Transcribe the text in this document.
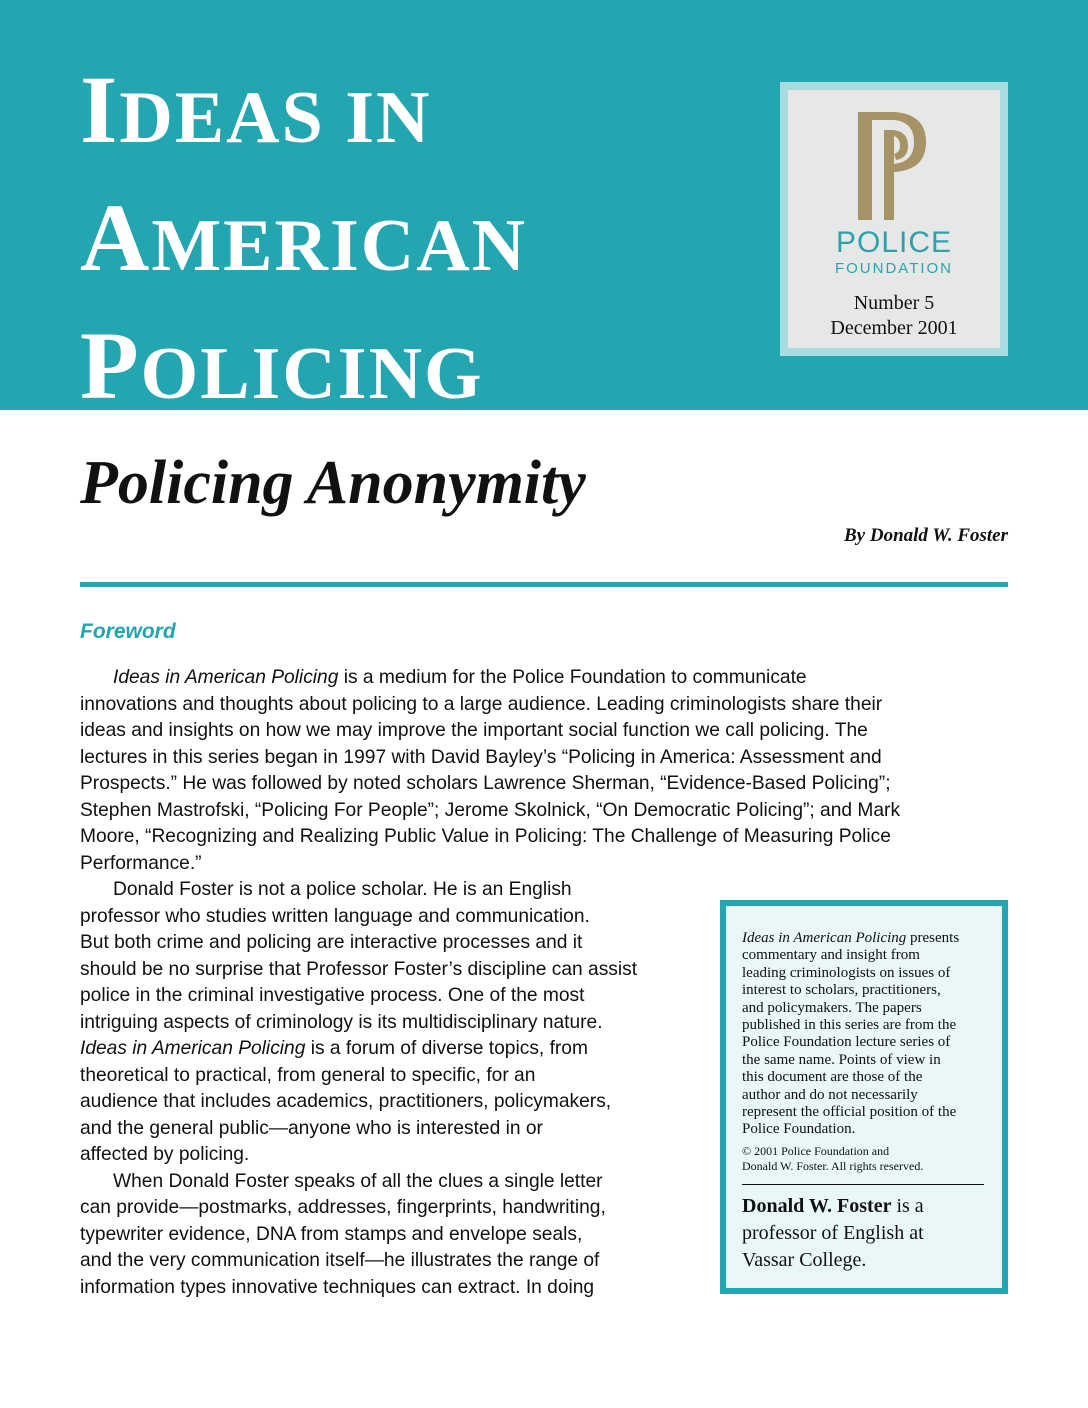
IDEAS IN
AMERICAN
POLICING
POLICE
FOUNDATION
Number 5
December 2001
Policing Anonymity
By Donald W. Foster
Foreword
Ideas in American Policing is a medium for the Police Foundation to communicate
innovations and thoughts about policing to a large audience. Leading criminologists share their
ideas and insights on how we may improve the important social function we call policing. The
lectures in this series began in 1997 with David Bayley’s “Policing in America: Assessment and
Prospects.” He was followed by noted scholars Lawrence Sherman, “Evidence-Based Policing”;
Stephen Mastrofski, “Policing For People”; Jerome Skolnick, “On Democratic Policing”; and Mark
Moore, “Recognizing and Realizing Public Value in Policing: The Challenge of Measuring Police
Performance.”
Donald Foster is not a police scholar. He is an English
professor who studies written language and communication.
But both crime and policing are interactive processes and it
should be no surprise that Professor Foster’s discipline can assist
police in the criminal investigative process. One of the most
intriguing aspects of criminology is its multidisciplinary nature.
Ideas in American Policing is a forum of diverse topics, from
theoretical to practical, from general to specific, for an
audience that includes academics, practitioners, policymakers,
and the general public—anyone who is interested in or
affected by policing.
When Donald Foster speaks of all the clues a single letter
can provide—postmarks, addresses, fingerprints, handwriting,
typewriter evidence, DNA from stamps and envelope seals,
and the very communication itself—he illustrates the range of
information types innovative techniques can extract. In doing
Ideas in American Policing presents
commentary and insight from
leading criminologists on issues of
interest to scholars, practitioners,
and policymakers. The papers
published in this series are from the
Police Foundation lecture series of
the same name. Points of view in
this document are those of the
author and do not necessarily
represent the official position of the
Police Foundation.
© 2001 Police Foundation and
Donald W. Foster. All rights reserved.
Donald W. Foster is a
professor of English at
Vassar College.
